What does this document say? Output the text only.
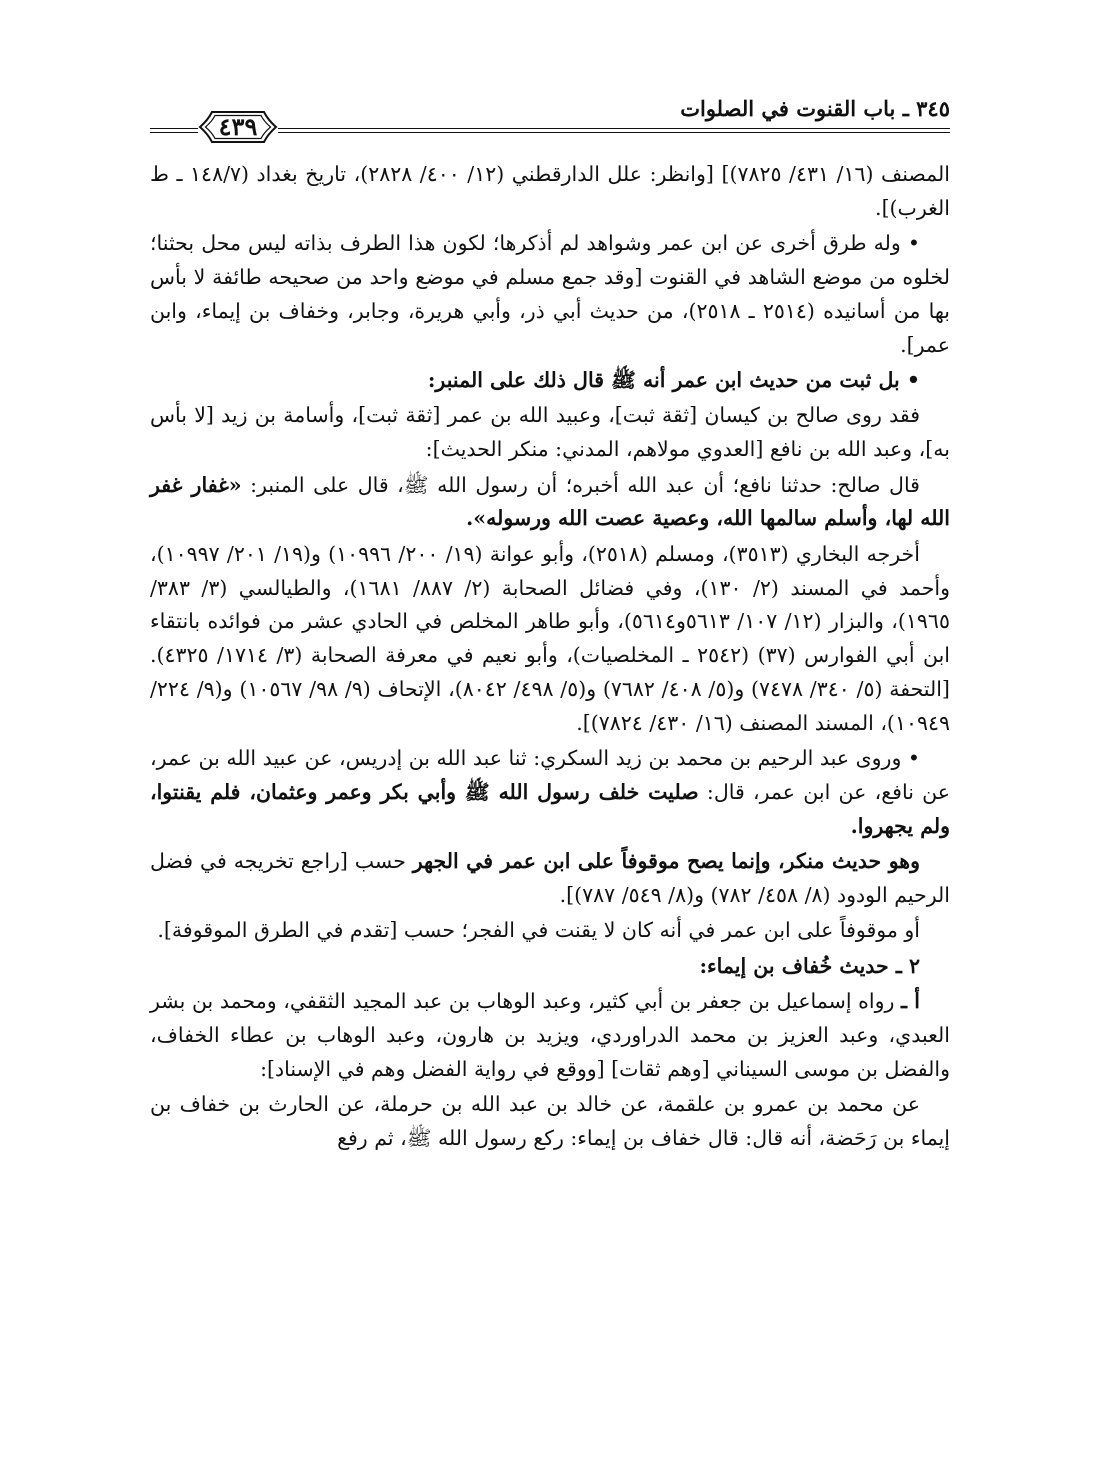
٣٤٥ ـ باب القنوت في الصلوات
٤٣٩

المصنف (١٦/ ٤٣١/ ٧٨٢٥)] [وانظر: علل الدارقطني (١٢/ ٤٠٠/ ٢٨٢٨)، تاريخ بغداد (١٤٨/٧ ـ ط الغرب)].

• وله طرق أخرى عن ابن عمر وشواهد لم أذكرها؛ لكون هذا الطرف بذاته ليس محل بحثنا؛ لخلوه من موضع الشاهد في القنوت [وقد جمع مسلم في موضع واحد من صحيحه طائفة لا بأس بها من أسانيده (٢٥١٤ ـ ٢٥١٨)، من حديث أبي ذر، وأبي هريرة، وجابر، وخفاف بن إيماء، وابن عمر].

• بل ثبت من حديث ابن عمر أنه ﷺ قال ذلك على المنبر:

فقد روى صالح بن كيسان [ثقة ثبت]، وعبيد الله بن عمر [ثقة ثبت]، وأسامة بن زيد [لا بأس به]، وعبد الله بن نافع [العدوي مولاهم، المدني: منكر الحديث]:

قال صالح: حدثنا نافع؛ أن عبد الله أخبره؛ أن رسول الله ﷺ، قال على المنبر: «غفار غفر الله لها، وأسلم سالمها الله، وعصية عصت الله ورسوله».

أخرجه البخاري (٣٥١٣)، ومسلم (٢٥١٨)، وأبو عوانة (١٩/ ٢٠٠/ ١٠٩٩٦) و(١٩/ ٢٠١/ ١٠٩٩٧)، وأحمد في المسند (٢/ ١٣٠)، وفي فضائل الصحابة (٢/ ٨٨٧/ ١٦٨١)، والطيالسي (٣/ ٣٨٣/ ١٩٦٥)، والبزار (١٢/ ١٠٧/ ٥٦١٣و٥٦١٤)، وأبو طاهر المخلص في الحادي عشر من فوائده بانتقاء ابن أبي الفوارس (٣٧) (٢٥٤٢ ـ المخلصيات)، وأبو نعيم في معرفة الصحابة (٣/ ١٧١٤/ ٤٣٢٥). [التحفة (٥/ ٣٤٠/ ٧٤٧٨) و(٥/ ٤٠٨/ ٧٦٨٢) و(٥/ ٤٩٨/ ٨٠٤٢)، الإتحاف (٩/ ٩٨/ ١٠٥٦٧) و(٩/ ٢٢٤/ ١٠٩٤٩)، المسند المصنف (١٦/ ٤٣٠/ ٧٨٢٤)].

• وروى عبد الرحيم بن محمد بن زيد السكري: ثنا عبد الله بن إدريس، عن عبيد الله بن عمر، عن نافع، عن ابن عمر، قال: صليت خلف رسول الله ﷺ وأبي بكر وعمر وعثمان، فلم يقنتوا، ولم يجهروا.

وهو حديث منكر، وإنما يصح موقوفاً على ابن عمر في الجهر حسب [راجع تخريجه في فضل الرحيم الودود (٨/ ٤٥٨/ ٧٨٢) و(٨/ ٥٤٩/ ٧٨٧)].

أو موقوفاً على ابن عمر في أنه كان لا يقنت في الفجر؛ حسب [تقدم في الطرق الموقوفة].

٢ ـ حديث خُفاف بن إيماء:

أ ـ رواه إسماعيل بن جعفر بن أبي كثير، وعبد الوهاب بن عبد المجيد الثقفي، ومحمد بن بشر العبدي، وعبد العزيز بن محمد الدراوردي، ويزيد بن هارون، وعبد الوهاب بن عطاء الخفاف، والفضل بن موسى السيناني [وهم ثقات] [ووقع في رواية الفضل وهم في الإسناد]:

عن محمد بن عمرو بن علقمة، عن خالد بن عبد الله بن حرملة، عن الحارث بن خفاف بن إيماء بن رَحَضة، أنه قال: قال خفاف بن إيماء: ركع رسول الله ﷺ، ثم رفع
